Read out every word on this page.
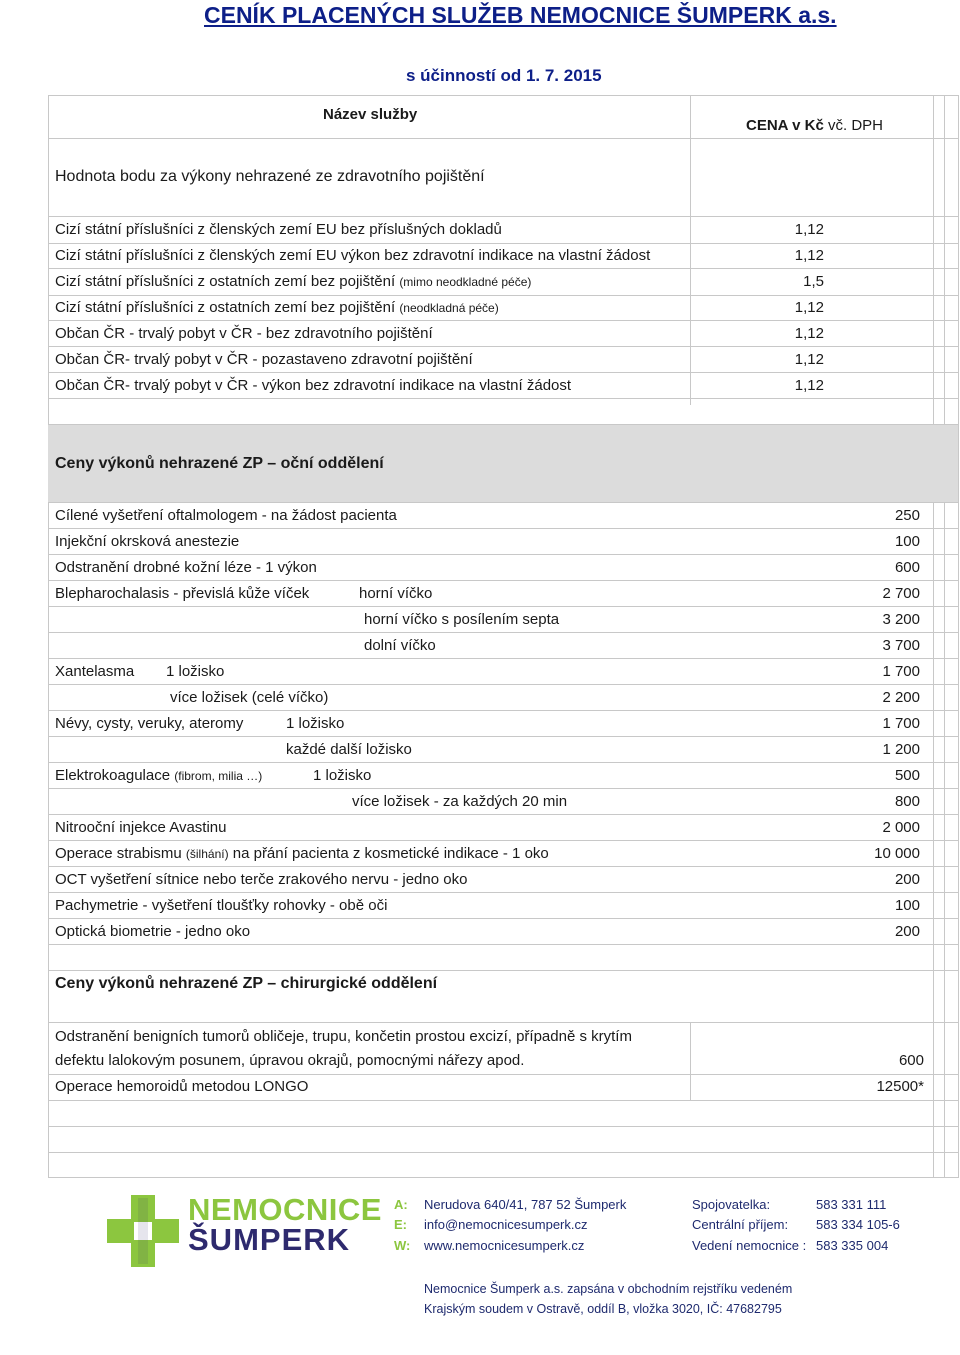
CENÍK PLACENÝCH SLUŽEB NEMOCNICE ŠUMPERK a.s.
s účinností od 1. 7. 2015
Název služby
CENA v Kč vč. DPH
Hodnota bodu za výkony nehrazené ze zdravotního pojištění
Cizí státní příslušníci z členských zemí EU bez příslušných dokladů	1,12
Cizí státní příslušníci z členských zemí EU výkon bez zdravotní indikace na vlastní žádost	1,12
Cizí státní příslušníci z ostatních zemí bez pojištění (mimo neodkladné péče)	1,5
Cizí státní příslušníci z ostatních zemí bez pojištění (neodkladná péče)	1,12
Občan ČR - trvalý pobyt v ČR - bez zdravotního pojištění	1,12
Občan ČR- trvalý pobyt v ČR - pozastaveno zdravotní pojištění	1,12
Občan ČR- trvalý pobyt v ČR - výkon bez zdravotní indikace na vlastní žádost	1,12
Ceny výkonů nehrazené ZP – oční oddělení
Cílené vyšetření oftalmologem - na žádost pacienta	250
Injekční okrsková anestezie	100
Odstranění drobné kožní léze - 1 výkon	600
Blepharochalasis - převislá kůže víček	horní víčko	2 700
horní víčko s posílením septa	3 200
dolní víčko	3 700
Xantelasma 1 ložisko	1 700
více ložisek (celé víčko)	2 200
Névy, cysty, veruky, ateromy	1 ložisko	1 700
každé další ložisko	1 200
Elektrokoagulace (fibrom, milia …)	1 ložisko	500
více ložisek - za každých 20 min	800
Nitrooční injekce Avastinu	2 000
Operace strabismu (šilhání) na přání pacienta z kosmetické indikace - 1 oko	10 000
OCT vyšetření sítnice nebo terče zrakového nervu - jedno oko	200
Pachymetrie - vyšetření tloušťky rohovky - obě oči	100
Optická biometrie - jedno oko	200
Ceny výkonů nehrazené ZP – chirurgické oddělení
Odstranění benigních tumorů obličeje, trupu, končetin prostou excizí, případně s krytím
defektu lalokovým posunem, úpravou okrajů, pomocnými nářezy apod.	600
Operace hemoroidů metodou LONGO	12500*
NEMOCNICE
ŠUMPERK
A: Nerudova 640/41, 787 52 Šumperk
E: info@nemocnicesumperk.cz
W: www.nemocnicesumperk.cz
Spojovatelka:	583 331 111
Centrální příjem: 583 334 105-6
Vedení nemocnice : 583 335 004
Nemocnice Šumperk a.s. zapsána v obchodním rejstříku vedeném
Krajským soudem v Ostravě, oddíl B, vložka 3020, IČ: 47682795
